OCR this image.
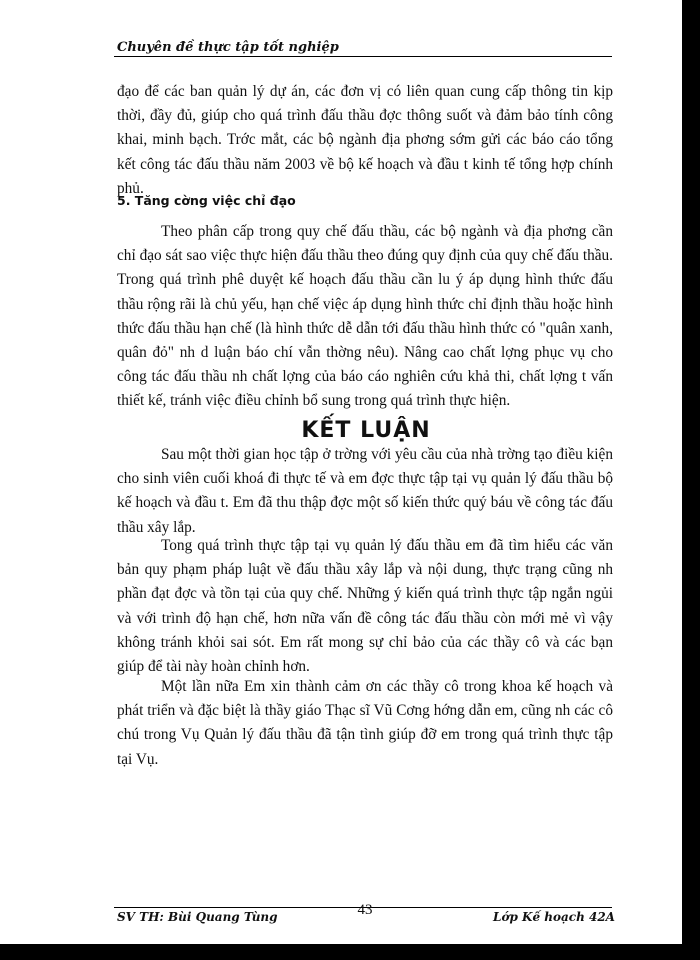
Chuyên đề thực tập tốt nghiệp

đạo để các ban quản lý dự án, các đơn vị có liên quan cung cấp thông tin kịp thời, đầy đủ, giúp cho quá trình đấu thầu đợc thông suốt và đảm bảo tính công khai, minh bạch. Trớc mắt, các bộ ngành địa phơng sớm gửi các báo cáo tổng kết công tác đấu thầu năm 2003 về bộ kế hoạch và đầu t kinh tế tổng hợp chính phủ.

5. Tăng cờng việc chỉ đạo

Theo phân cấp trong quy chế đấu thầu, các bộ ngành và địa phơng cần chỉ đạo sát sao việc thực hiện đấu thầu theo đúng quy định của quy chế đấu thầu. Trong quá trình phê duyệt kế hoạch đấu thầu cần lu ý áp dụng hình thức đấu thầu rộng rãi là chủ yếu, hạn chế việc áp dụng hình thức chỉ định thầu hoặc hình thức đấu thầu hạn chế (là hình thức dễ dẫn tới đấu thầu hình thức có "quân xanh, quân đỏ" nh d luận báo chí vẫn thờng nêu). Nâng cao chất lợng phục vụ cho công tác đấu thầu nh chất lợng của báo cáo nghiên cứu khả thi, chất lợng t vấn thiết kế, tránh việc điều chỉnh bổ sung trong quá trình thực hiện.

KẾT LUẬN

Sau một thời gian học tập ở trờng với yêu cầu của nhà trờng tạo điều kiện cho sinh viên cuối khoá đi thực tế và em đợc thực tập tại vụ quản lý đấu thầu bộ kế hoạch và đầu t. Em đã thu thập đợc một số kiến thức quý báu về công tác đấu thầu xây lắp.

Tong quá trình thực tập tại vụ quản lý đấu thầu em đã tìm hiểu các văn bản quy phạm pháp luật về đấu thầu xây lắp và nội dung, thực trạng cũng nh phần đạt đợc và tồn tại của quy chế. Những ý kiến quá trình thực tập ngắn ngủi và với trình độ hạn chế, hơn nữa vấn đề công tác đấu thầu còn mới mẻ vì vậy không tránh khỏi sai sót. Em rất mong sự chỉ bảo của các thầy cô và các bạn giúp để tài này hoàn chỉnh hơn.

Một lần nữa Em xin thành cảm ơn các thầy cô trong khoa kế hoạch và phát triển và đặc biệt là thầy giáo Thạc sĩ Vũ Cơng hớng dẫn em, cũng nh các cô chú trong Vụ Quản lý đấu thầu đã tận tình giúp đỡ em trong quá trình thực tập tại Vụ.

SV TH: Bùi Quang Tùng	43	Lớp Kế hoạch 42A
